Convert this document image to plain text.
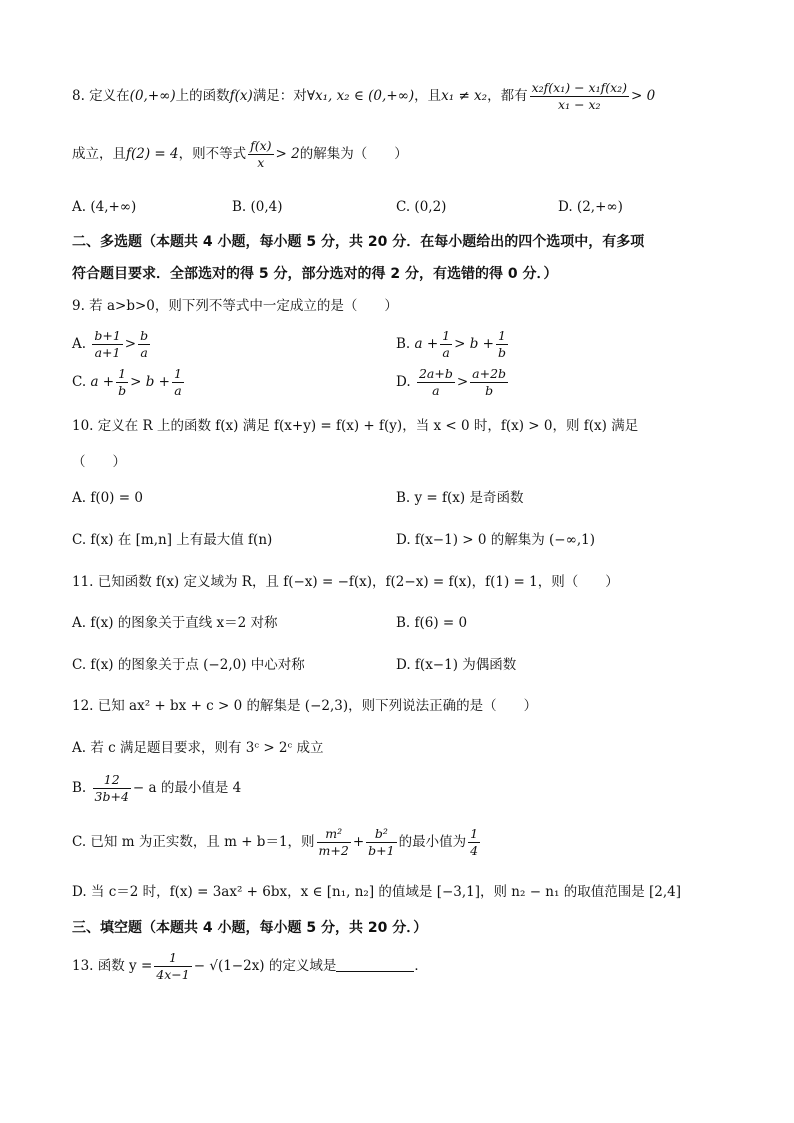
8. 定义在(0,+∞)上的函数f(x)满足：对∀x₁, x₂ ∈ (0,+∞)，且x₁ ≠ x₂，都有 $\frac{\text{x₂f(x₁) − x₁f(x₂)}}{\text{x₁ − x₂}} > 0$
成立，且f(2) = 4，则不等式 $\frac{f(x)}{x} > 2$的解集为（　　）
A. (4,+∞)	B. (0,4)	C. (0,2)	D. (2,+∞)
二、多选题（本题共 4 小题，每小题 5 分，共 20 分．在每小题给出的四个选项中，有多项
符合题目要求．全部选对的得 5 分，部分选对的得 2 分，有选错的得 0 分．）
9. 若 a>b>0，则下列不等式中一定成立的是（　　）
A. $\frac{b+1}{a+1} > \frac{b}{a}$	B. $a + \frac{1}{a} > b + \frac{1}{b}$
C. $a + \frac{1}{b} > b + \frac{1}{a}$	D. $\frac{2a+b}{a} > \frac{a+2b}{b}$
10. 定义在 R 上的函数 f(x) 满足 f(x+y) = f(x) + f(y)，当 x < 0 时，f(x) > 0，则 f(x) 满足
（　　）
A. f(0) = 0	B. y = f(x) 是奇函数
C. f(x) 在 [m,n] 上有最大值 f(n)	D. f(x−1) > 0 的解集为 (−∞,1)
11. 已知函数 f(x) 定义域为 R，且 f(−x) = −f(x)，f(2−x) = f(x)，f(1) = 1，则（　　）
A. f(x) 的图象关于直线 x＝2 对称	B. f(6) = 0
C. f(x) 的图象关于点 (−2,0) 中心对称	D. f(x−1) 为偶函数
12. 已知 ax² + bx + c > 0 的解集是 (−2,3)，则下列说法正确的是（　　）
A. 若 c 满足题目要求，则有 3ᶜ > 2ᶜ 成立
B. $\frac{12}{3b+4} - a$ 的最小值是 4
C. 已知 m 为正实数，且 m + b＝1，则 $\frac{\text{m²}}{m+2} + \frac{\text{b²}}{b+1}$ 的最小值为 $\frac{1}{4}$
D. 当 c＝2 时，f(x) = 3ax² + 6bx，x ∈ [n₁, n₂] 的值域是 [−3,1]，则 n₂ − n₁ 的取值范围是 [2,4]
三、填空题（本题共 4 小题，每小题 5 分，共 20 分．）
13. 函数 $y = \frac{1}{4x-1} - √(1-2x)$ 的定义域是	．
